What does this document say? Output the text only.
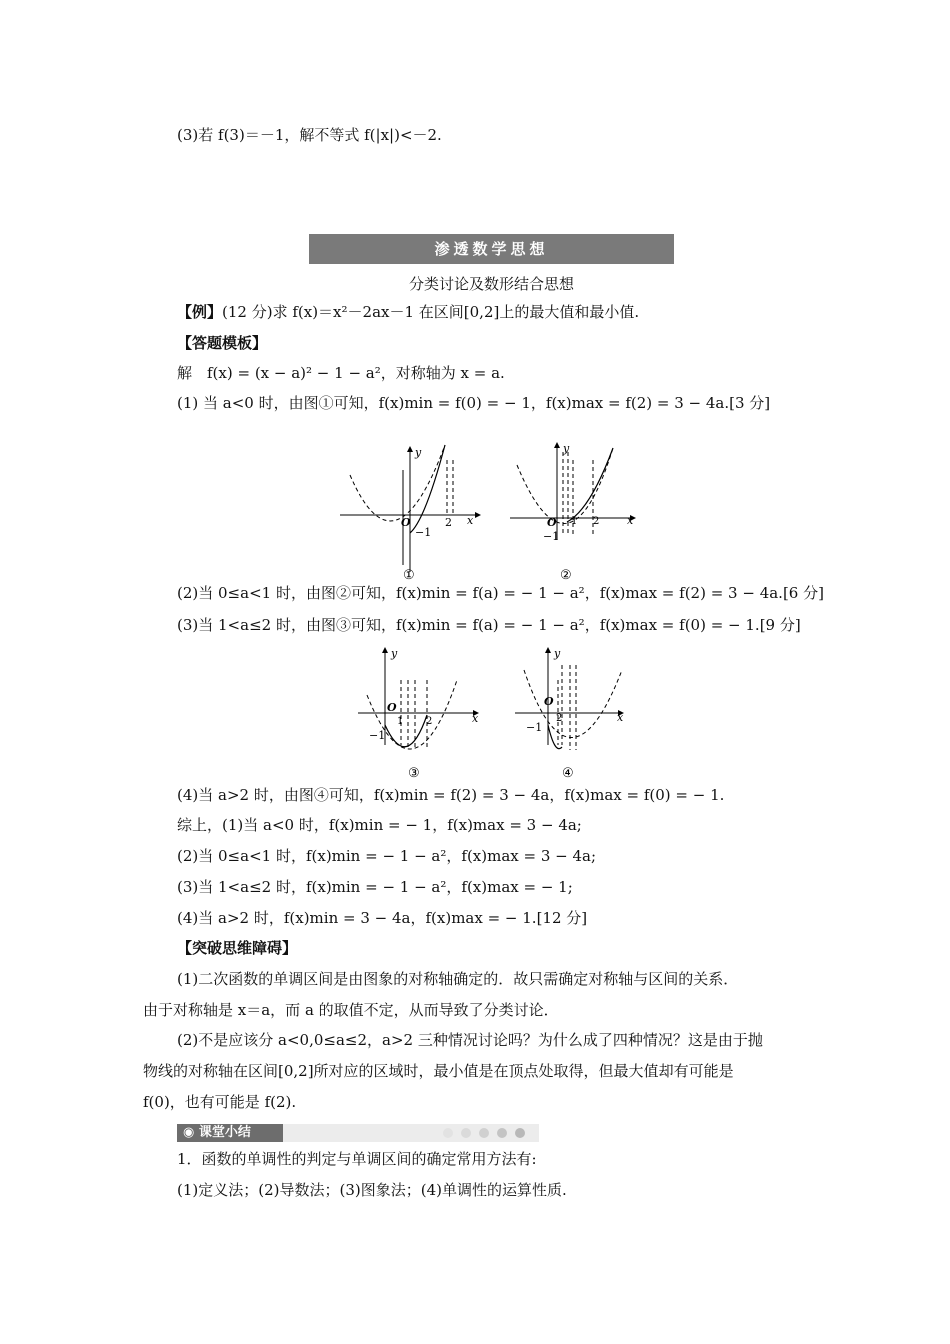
(3)若 f(3)＝－1，解不等式 f(|x|)<－2.
渗透数学思想
分类讨论及数形结合思想
【例】(12 分)求 f(x)＝x²－2ax－1 在区间[0,2]上的最大值和最小值.
【答题模板】
解　f(x) = (x − a)² − 1 − a²，对称轴为 x = a.
(1) 当 a<0 时，由图①可知，f(x)min = f(0) = − 1，f(x)max = f(2) = 3 − 4a.[3 分]
y
x
O
−1
2
①
y
x
O
−1
1 2
②
(2)当 0≤a<1 时，由图②可知，f(x)min = f(a) = − 1 − a²，f(x)max = f(2) = 3 − 4a.[6 分]
(3)当 1<a≤2 时，由图③可知，f(x)min = f(a) = − 1 − a²，f(x)max = f(0) = − 1.[9 分]
y
x
O
−1
1 2
③
y
x
O
−1
2
④
(4)当 a>2 时，由图④可知，f(x)min = f(2) = 3 − 4a，f(x)max = f(0) = − 1.
综上，(1)当 a<0 时，f(x)min = − 1，f(x)max = 3 − 4a;
(2)当 0≤a<1 时，f(x)min = − 1 − a²，f(x)max = 3 − 4a;
(3)当 1<a≤2 时，f(x)min = − 1 − a²，f(x)max = − 1;
(4)当 a>2 时，f(x)min = 3 − 4a，f(x)max = − 1.[12 分]
【突破思维障碍】
(1)二次函数的单调区间是由图象的对称轴确定的．故只需确定对称轴与区间的关系．
由于对称轴是 x＝a，而 a 的取值不定，从而导致了分类讨论．
(2)不是应该分 a<0,0≤a≤2，a>2 三种情况讨论吗？为什么成了四种情况？这是由于抛
物线的对称轴在区间[0,2]所对应的区域时，最小值是在顶点处取得，但最大值却有可能是
f(0)，也有可能是 f(2).
◉ 课堂小结
1．函数的单调性的判定与单调区间的确定常用方法有:
(1)定义法；(2)导数法；(3)图象法；(4)单调性的运算性质.
